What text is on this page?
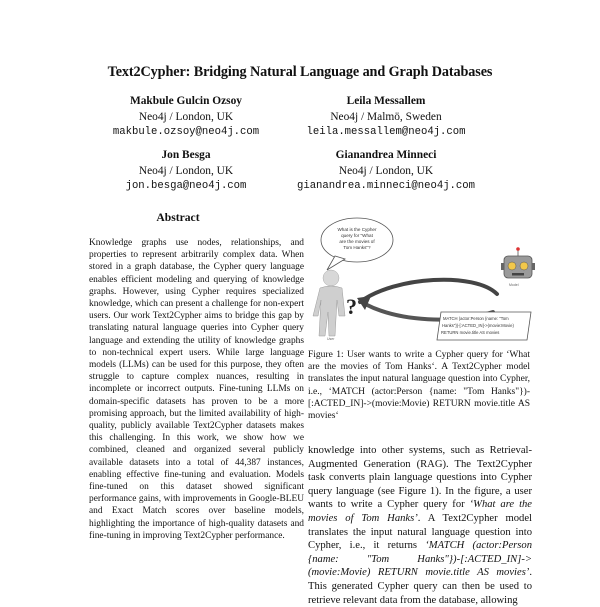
Text2Cypher: Bridging Natural Language and Graph Databases
Makbule Gulcin Ozsoy
Neo4j / London, UK
makbule.ozsoy@neo4j.com
Leila Messallem
Neo4j / Malmö, Sweden
leila.messallem@neo4j.com
Jon Besga
Neo4j / London, UK
jon.besga@neo4j.com
Gianandrea Minneci
Neo4j / London, UK
gianandrea.minneci@neo4j.com
Abstract
Knowledge graphs use nodes, relationships, and properties to represent arbitrarily complex data. When stored in a graph database, the Cypher query language enables efficient modeling and querying of knowledge graphs. However, using Cypher requires specialized knowledge, which can present a challenge for non-expert users. Our work Text2Cypher aims to bridge this gap by translating natural language queries into Cypher query language and extending the utility of knowledge graphs to non-technical expert users. While large language models (LLMs) can be used for this purpose, they often struggle to capture complex nuances, resulting in incomplete or incorrect outputs. Fine-tuning LLMs on domain-specific datasets has proven to be a more promising approach, but the limited availability of high-quality, publicly available Text2Cypher datasets makes this challenging. In this work, we show how we combined, cleaned and organized several publicly available datasets into a total of 44,387 instances, enabling effective fine-tuning and evaluation. Models fine-tuned on this dataset showed significant performance gains, with improvements in Google-BLEU and Exact Match scores over baseline models, highlighting the importance of high-quality datasets and fine-tuning in improving Text2Cypher performance.
What is the Cypher
query for "What
are the movies of
Tom Hanks"?
?
User
Model
MATCH (actor:Person {name: "Tom
Hanks"})-[:ACTED_IN]->(movie:Movie)
RETURN movie.title AS movies
Figure 1: User wants to write a Cypher query for ‘What are the movies of Tom Hanks‘. A Text2Cypher model translates the input natural language question into Cypher, i.e., ‘MATCH (actor:Person {name: "Tom Hanks"})-[:ACTED_IN]->(movie:Movie) RETURN movie.title AS movies‘
knowledge into other systems, such as Retrieval-Augmented Generation (RAG). The Text2Cypher task converts plain language questions into Cypher query language (see Figure 1). In the figure, a user wants to write a Cypher query for ‘What are the movies of Tom Hanks’. A Text2Cypher model translates the input natural language question into Cypher, i.e., it returns ‘MATCH (actor:Person {name: "Tom Hanks"})-[:ACTED_IN]->(movie:Movie) RETURN movie.title AS movies’. This generated Cypher query can then be used to retrieve relevant data from the database, allowing
